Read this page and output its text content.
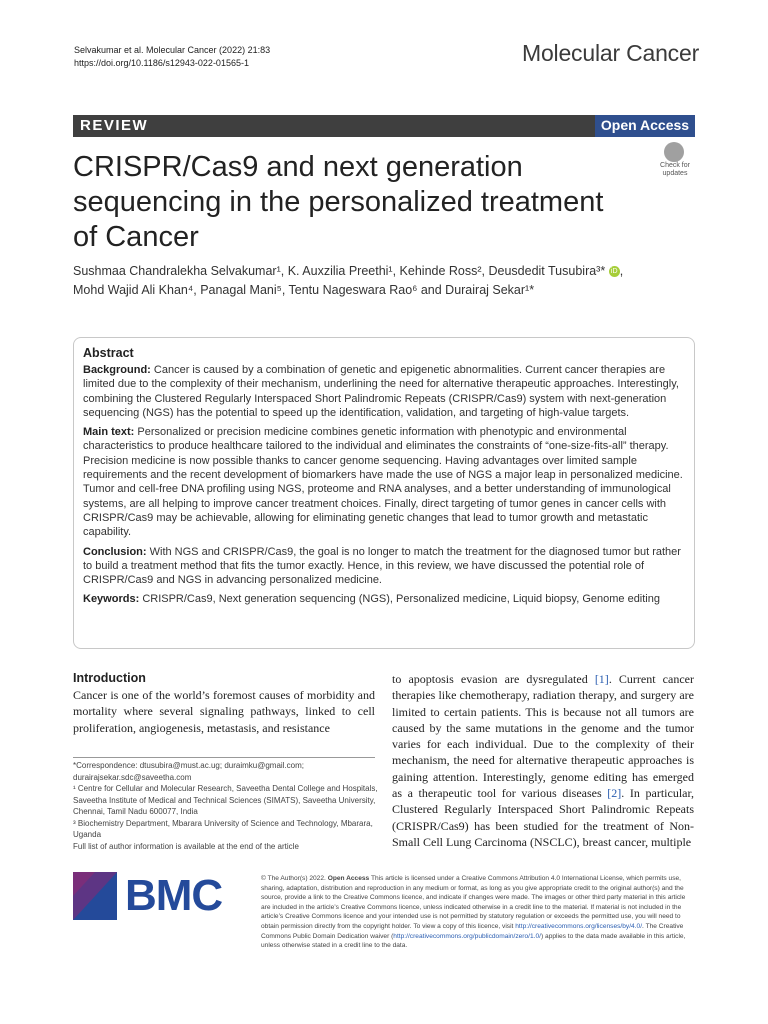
Selvakumar et al. Molecular Cancer (2022) 21:83
https://doi.org/10.1186/s12943-022-01565-1	Molecular Cancer
REVIEW	Open Access
CRISPR/Cas9 and next generation sequencing in the personalized treatment of Cancer
Check for updates
Sushmaa Chandralekha Selvakumar¹, K. Auxzilia Preethi¹, Kehinde Ross², Deusdedit Tusubira³* iD ,
Mohd Wajid Ali Khan⁴, Panagal Mani⁵, Tentu Nageswara Rao⁶ and Durairaj Sekar¹*
Abstract

Background: Cancer is caused by a combination of genetic and epigenetic abnormalities. Current cancer therapies are limited due to the complexity of their mechanism, underlining the need for alternative therapeutic approaches. Interestingly, combining the Clustered Regularly Interspaced Short Palindromic Repeats (CRISPR/Cas9) system with next-generation sequencing (NGS) has the potential to speed up the identification, validation, and targeting of high-value targets.

Main text: Personalized or precision medicine combines genetic information with phenotypic and environmental characteristics to produce healthcare tailored to the individual and eliminates the constraints of “one-size-fits-all” therapy. Precision medicine is now possible thanks to cancer genome sequencing. Having advantages over limited sample requirements and the recent development of biomarkers have made the use of NGS a major leap in personalized medicine. Tumor and cell-free DNA profiling using NGS, proteome and RNA analyses, and a better understanding of immunological systems, are all helping to improve cancer treatment choices. Finally, direct targeting of tumor genes in cancer cells with CRISPR/Cas9 may be achievable, allowing for eliminating genetic changes that lead to tumor growth and metastatic capability.

Conclusion: With NGS and CRISPR/Cas9, the goal is no longer to match the treatment for the diagnosed tumor but rather to build a treatment method that fits the tumor exactly. Hence, in this review, we have discussed the potential role of CRISPR/Cas9 and NGS in advancing personalized medicine.

Keywords: CRISPR/Cas9, Next generation sequencing (NGS), Personalized medicine, Liquid biopsy, Genome editing

Introduction
Cancer is one of the world’s foremost causes of morbidity and mortality where several signaling pathways, linked to cell proliferation, angiogenesis, metastasis, and resistance
to apoptosis evasion are dysregulated [1]. Current cancer therapies like chemotherapy, radiation therapy, and surgery are limited to certain patients. This is because not all tumors are caused by the same mutations in the genome and the tumor varies for each individual. Due to the complexity of their mechanism, the need for alternative therapeutic approaches is gaining attention. Interestingly, genome editing has emerged as a therapeutic tool for various diseases [2]. In particular, Clustered Regularly Interspaced Short Palindromic Repeats (CRISPR/Cas9) has been studied for the treatment of Non-Small Cell Lung Carcinoma (NSCLC), breast cancer, multiple
*Correspondence: dtusubira@must.ac.ug; duraimku@gmail.com; durairajsekar.sdc@saveetha.com
¹ Centre for Cellular and Molecular Research, Saveetha Dental College and Hospitals, Saveetha Institute of Medical and Technical Sciences (SIMATS), Saveetha University, Chennai, Tamil Nadu 600077, India
³ Biochemistry Department, Mbarara University of Science and Technology, Mbarara, Uganda
Full list of author information is available at the end of the article
BMC	© The Author(s) 2022. Open Access This article is licensed under a Creative Commons Attribution 4.0 International License, which permits use, sharing, adaptation, distribution and reproduction in any medium or format, as long as you give appropriate credit to the original author(s) and the source, provide a link to the Creative Commons licence, and indicate if changes were made. The images or other third party material in this article are included in the article’s Creative Commons licence, unless indicated otherwise in a credit line to the material. If material is not included in the article’s Creative Commons licence and your intended use is not permitted by statutory regulation or exceeds the permitted use, you will need to obtain permission directly from the copyright holder. To view a copy of this licence, visit http://creativecommons.org/licenses/by/4.0/. The Creative Commons Public Domain Dedication waiver (http://creativecommons.org/publicdomain/zero/1.0/) applies to the data made available in this article, unless otherwise stated in a credit line to the data.
